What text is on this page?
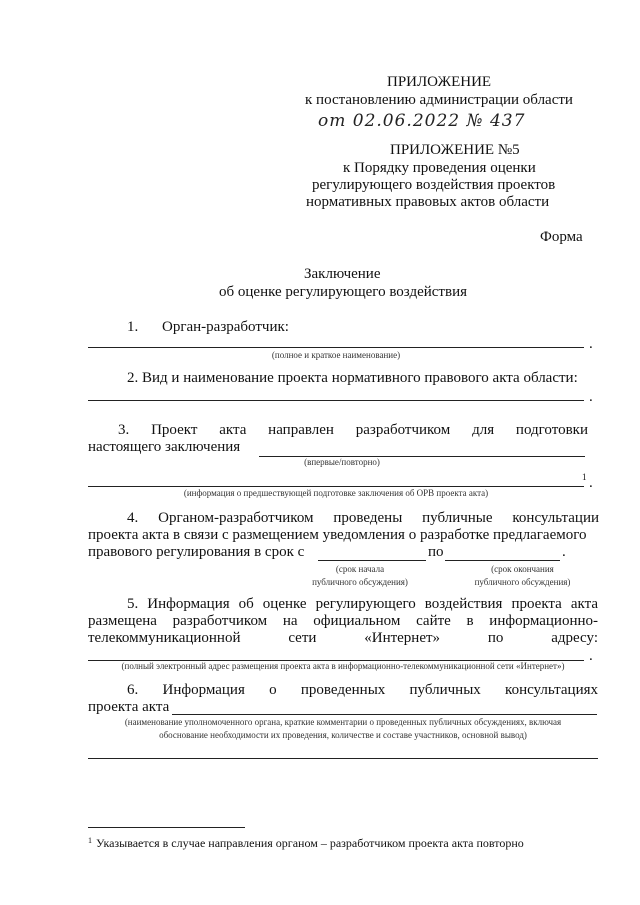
ПРИЛОЖЕНИЕ
к постановлению администрации области
от 02.06.2022 № 437
ПРИЛОЖЕНИЕ №5
к Порядку проведения оценки
регулирующего воздействия проектов
нормативных правовых актов области
Форма
Заключение
об оценке регулирующего воздействия
1. Орган-разработчик:
.
(полное и краткое наименование)
2. Вид и наименование проекта нормативного правового акта области:
.
3. Проект акта направлен разработчиком для подготовки
настоящего заключения
(впервые/повторно)
1 .
(информация о предшествующей подготовке заключения об ОРВ проекта акта)
4. Органом-разработчиком проведены публичные консультации
проекта акта в связи с размещением уведомления о разработке предлагаемого
правового регулирования в срок с	по	.
(срок начала
публичного обсуждения)
(срок окончания
публичного обсуждения)
5. Информация об оценке регулирующего воздействия проекта акта
размещена разработчиком на официальном сайте в информационно-
телекоммуникационной сети «Интернет» по адресу:
.
(полный электронный адрес размещения проекта акта в информационно-телекоммуникационной сети «Интернет»)
6. Информация о проведенных публичных консультациях
проекта акта
(наименование уполномоченного органа, краткие комментарии о проведенных публичных обсуждениях, включая
обоснование необходимости их проведения, количестве и составе участников, основной вывод)
1 Указывается в случае направления органом – разработчиком проекта акта повторно
